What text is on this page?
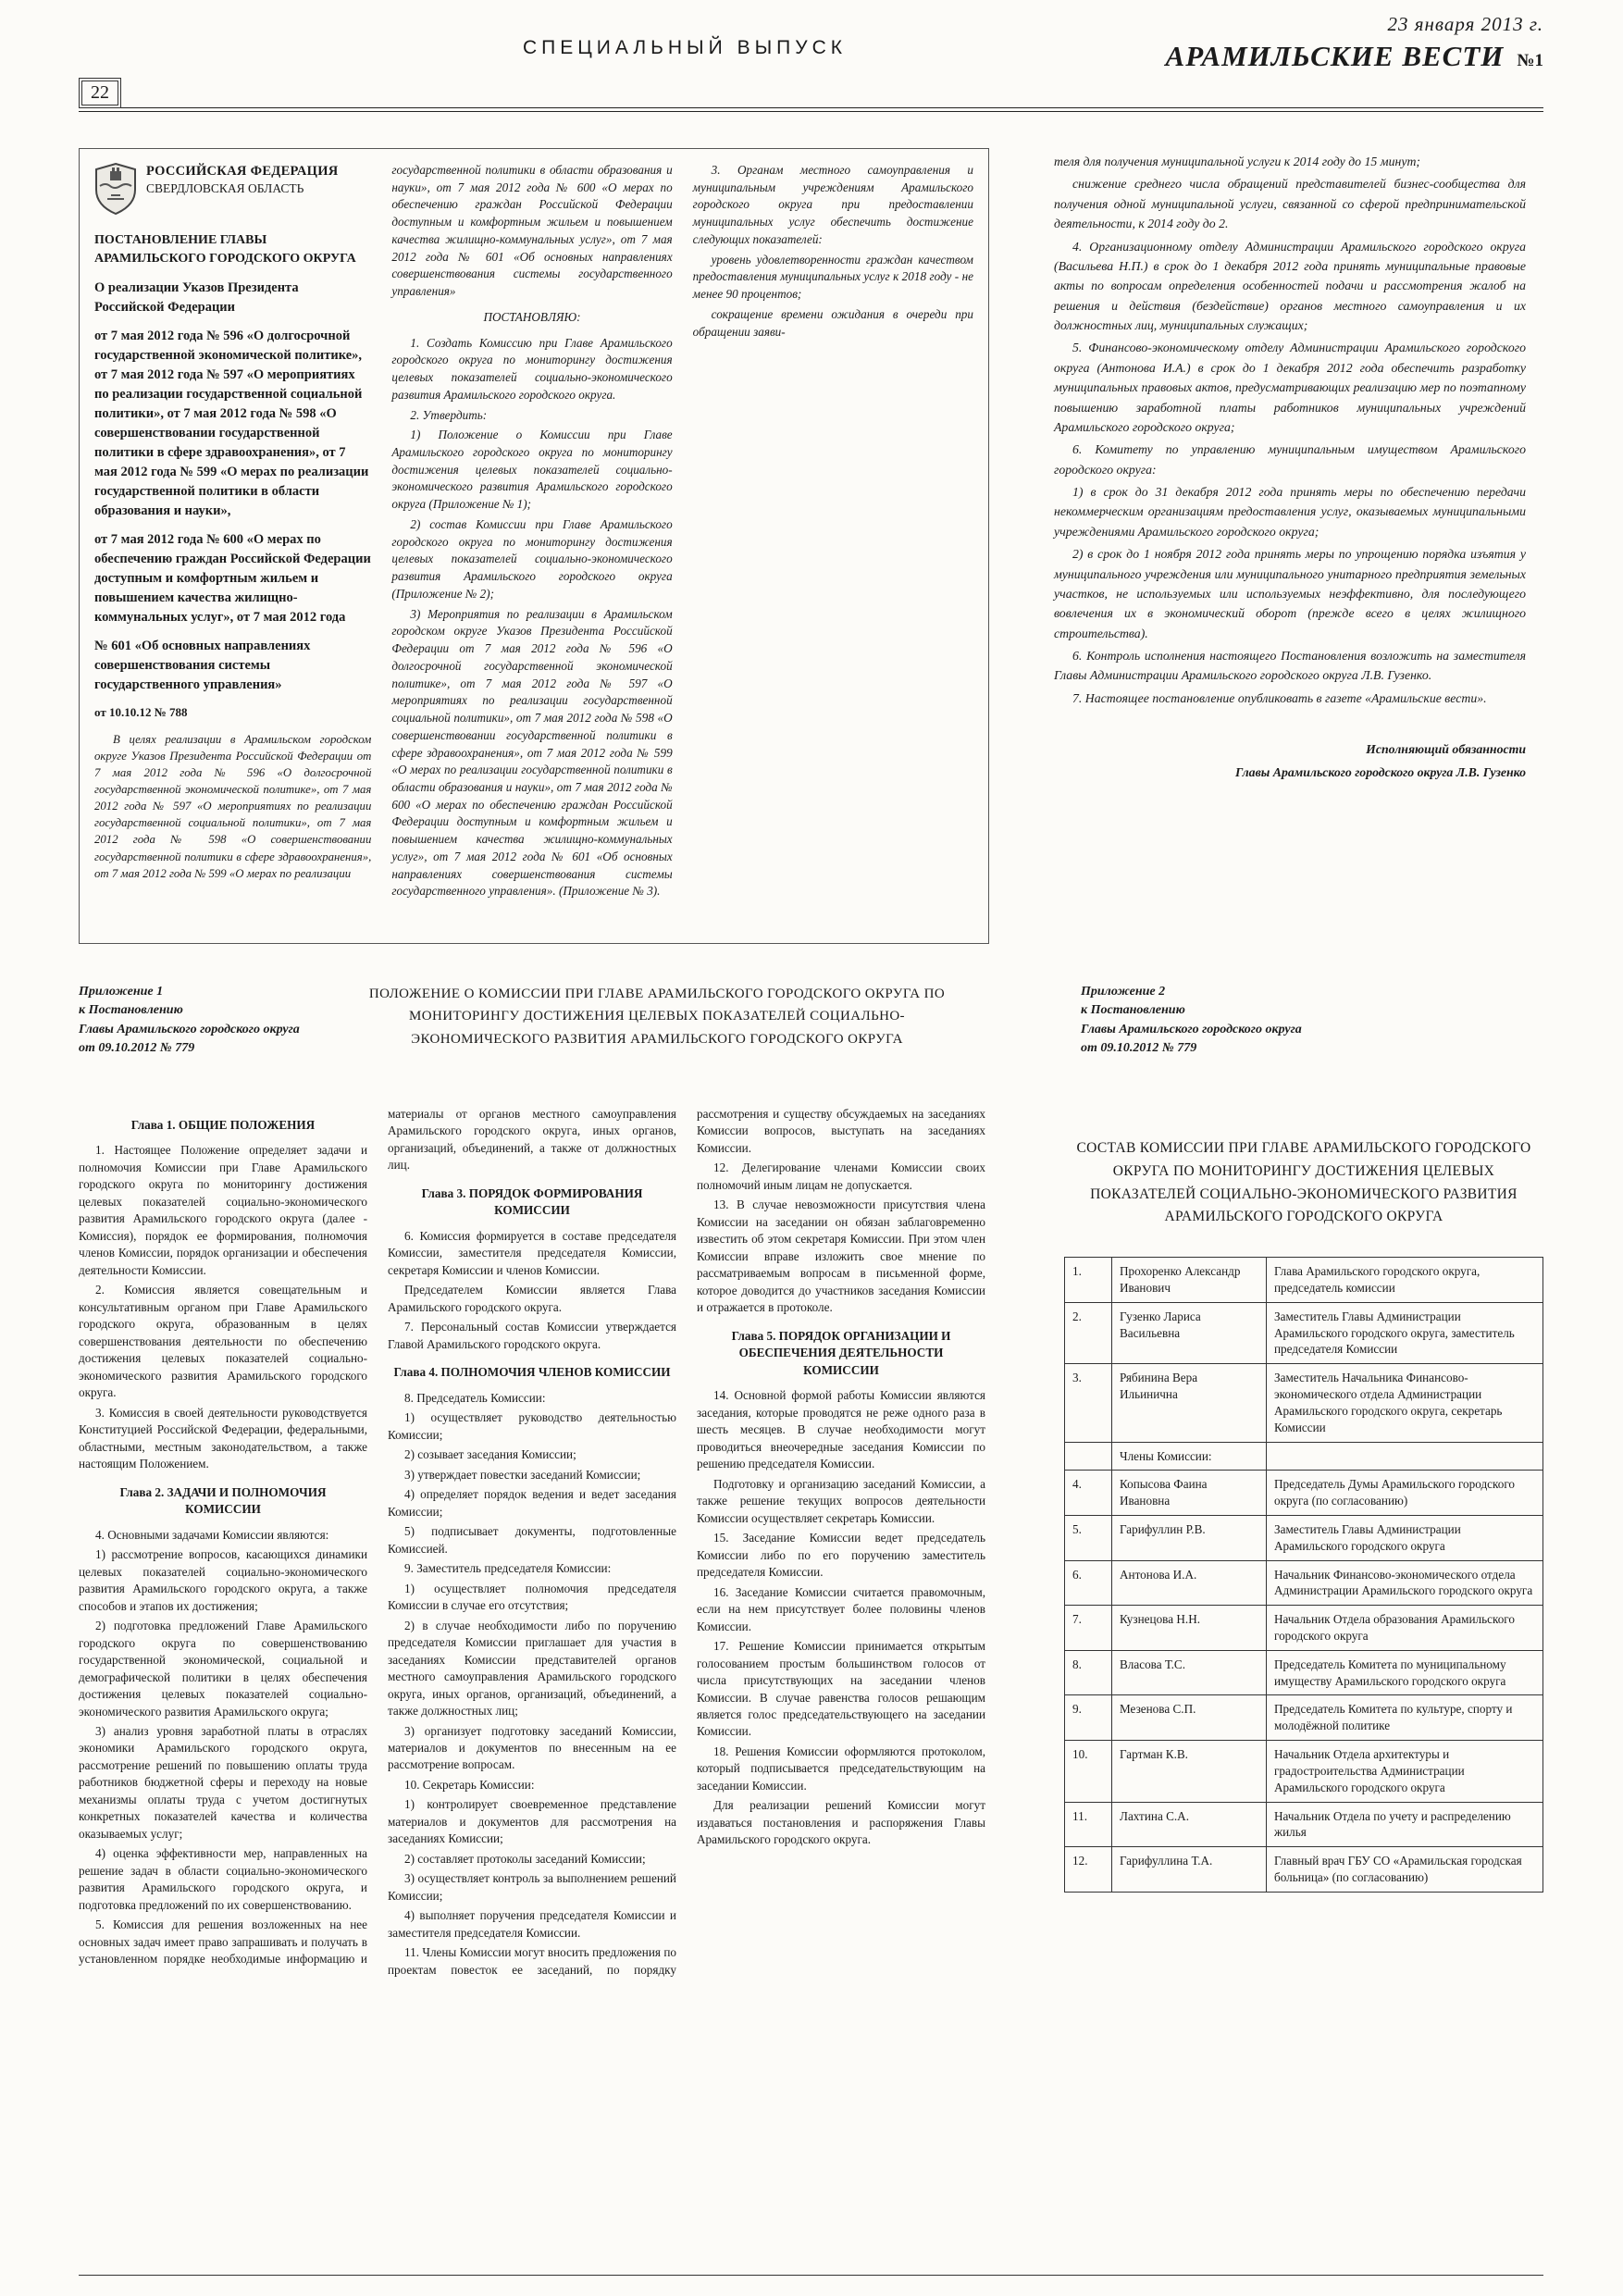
СПЕЦИАЛЬНЫЙ ВЫПУСК
23 января 2013 г.
АРАМИЛЬСКИЕ ВЕСТИ №1
22
РОССИЙСКАЯ ФЕДЕРАЦИЯ
СВЕРДЛОВСКАЯ ОБЛАСТЬ
ПОСТАНОВЛЕНИЕ ГЛАВЫ АРАМИЛЬСКОГО ГОРОДСКОГО ОКРУГА

О реализации Указов Президента Российской Федерации

от 7 мая 2012 года № 596 «О долгосрочной государственной экономической политике», от 7 мая 2012 года № 597 «О мероприятиях по реализации государственной социальной политики», от 7 мая 2012 года № 598 «О совершенствовании государственной политики в сфере здравоохранения», от 7 мая 2012 года № 599 «О мерах по реализации государственной политики в области образования и науки»,

от 7 мая 2012 года № 600 «О мерах по обеспечению граждан Российской Федерации доступным и комфортным жильем и повышением качества жилищно-коммунальных услуг», от 7 мая 2012 года

№ 601 «Об основных направлениях совершенствования системы государственного управления»

от 10.10.12 № 788
В целях реализации в Арамильском городском округе Указов Президента Российской Федерации от 7 мая 2012 года № 596 «О долгосрочной государственной экономической политике», от 7 мая 2012 года № 597 «О мероприятиях по реализации государственной социальной политики», от 7 мая 2012 года № 598 «О совершенствовании государственной политики в сфере здравоохранения», от 7 мая 2012 года № 599 «О мерах по реализации

государственной политики в области образования и науки», от 7 мая 2012 года № 600 «О мерах по обеспечению граждан Российской Федерации доступным и комфортным жильем и повышением качества жилищно-коммунальных услуг», от 7 мая 2012 года № 601 «Об основных направлениях совершенствования системы государственного управления»

ПОСТАНОВЛЯЮ:

1. Создать Комиссию при Главе Арамильского городского округа по мониторингу достижения целевых показателей социально-экономического развития Арамильского городского округа.

2. Утвердить:

1) Положение о Комиссии при Главе Арамильского городского округа по мониторингу достижения целевых показателей социально-экономического развития Арамильского городского округа (Приложение № 1);

2) состав Комиссии при Главе Арамильского городского округа по мониторингу достижения целевых показателей социально-экономического развития Арамильского городского округа (Приложение № 2);

3) Мероприятия по реализации в Арамильском городском округе Указов Президента Российской Федерации от 7 мая 2012 года № 596 «О долгосрочной государственной экономической политике», от 7 мая 2012 года № 597 «О мероприятиях по реализации государственной социальной политики», от 7 мая 2012 года № 598 «О совершенствовании государственной политики в сфере здравоохранения», от 7 мая 2012 года № 599 «О мерах по реализации государственной политики в области образования и науки», от 7 мая 2012 года № 600 «О мерах по обеспечению граждан Российской Федерации доступным и комфортным жильем и повышением качества жилищно-коммунальных услуг», от 7 мая 2012 года № 601 «Об основных направлениях совершенствования системы государственного управления». (Приложение № 3).

3. Органам местного самоуправления и муниципальным учреждениям Арамильского городского округа при предоставлении муниципальных услуг обеспечить достижение следующих показателей:

уровень удовлетворенности граждан качеством предоставления муниципальных услуг к 2018 году - не менее 90 процентов;

сокращение времени ожидания в очереди при обращении заяви-

теля для получения муниципальной услуги к 2014 году до 15 минут;

снижение среднего числа обращений представителей бизнес-сообщества для получения одной муниципальной услуги, связанной со сферой предпринимательской деятельности, к 2014 году до 2.

4. Организационному отделу Администрации Арамильского городского округа (Васильева Н.П.) в срок до 1 декабря 2012 года принять муниципальные правовые акты по вопросам определения особенностей подачи и рассмотрения жалоб на решения и действия (бездействие) органов местного самоуправления и их должностных лиц, муниципальных служащих;

5. Финансово-экономическому отделу Администрации Арамильского городского округа (Антонова И.А.) в срок до 1 декабря 2012 года обеспечить разработку муниципальных правовых актов, предусматривающих реализацию мер по поэтапному повышению заработной платы работников муниципальных учреждений Арамильского городского округа;

6. Комитету по управлению муниципальным имуществом Арамильского городского округа:

1) в срок до 31 декабря 2012 года принять меры по обеспечению передачи некоммерческим организациям предоставления услуг, оказываемых муниципальными учреждениями Арамильского городского округа;

2) в срок до 1 ноября 2012 года принять меры по упрощению порядка изъятия у муниципального учреждения или муниципального унитарного предприятия земельных участков, не используемых или используемых неэффективно, для последующего вовлечения их в экономический оборот (прежде всего в целях жилищного строительства).

6. Контроль исполнения настоящего Постановления возложить на заместителя Главы Администрации Арамильского городского округа Л.В. Гузенко.

7. Настоящее постановление опубликовать в газете «Арамильские вести».

Исполняющий обязанности

Главы Арамильского городского округа Л.В. Гузенко

Приложение 1

к Постановлению

Главы Арамильского городского округа

от 09.10.2012 № 779

ПОЛОЖЕНИЕ О КОМИССИИ ПРИ ГЛАВЕ АРАМИЛЬСКОГО ГОРОДСКОГО ОКРУГА ПО МОНИТОРИНГУ ДОСТИЖЕНИЯ ЦЕЛЕВЫХ ПОКАЗАТЕЛЕЙ СОЦИАЛЬНО-ЭКОНОМИЧЕСКОГО РАЗВИТИЯ АРАМИЛЬСКОГО ГОРОДСКОГО ОКРУГА

Приложение 2

к Постановлению

Главы Арамильского городского округа

от 09.10.2012 № 779

Глава 1. ОБЩИЕ ПОЛОЖЕНИЯ

1. Настоящее Положение определяет задачи и полномочия Комиссии при Главе Арамильского городского округа по мониторингу достижения целевых показателей социально-экономического развития Арамильского городского округа (далее - Комиссия), порядок ее формирования, полномочия членов Комиссии, порядок организации и обеспечения деятельности Комиссии.

2. Комиссия является совещательным и консультативным органом при Главе Арамильского городского округа, образованным в целях совершенствования деятельности по обеспечению достижения целевых показателей социально-экономического развития Арамильского городского округа.

3. Комиссия в своей деятельности руководствуется Конституцией Российской Федерации, федеральными, областными, местным законодательством, а также настоящим Положением.

Глава 2. ЗАДАЧИ И ПОЛНОМОЧИЯ КОМИССИИ

4. Основными задачами Комиссии являются:

1) рассмотрение вопросов, касающихся динамики целевых показателей социально-экономического развития Арамильского городского округа, а также способов и этапов их достижения;

2) подготовка предложений Главе Арамильского городского округа по совершенствованию государственной экономической, социальной и демографической политики в целях обеспечения достижения целевых показателей социально-экономического развития Арамильского округа;

3) анализ уровня заработной платы в отраслях экономики Арамильского городского округа, рассмотрение решений по повышению оплаты труда работников бюджетной сферы и переходу на новые механизмы оплаты труда с учетом достигнутых конкретных показателей качества и количества оказываемых услуг;

4) оценка эффективности мер, направленных на решение задач в области социально-экономического развития Арамильского городского округа, и подготовка предложений по их совершенствованию.

5. Комиссия для решения возложенных на нее основных задач имеет право запрашивать и получать в установленном порядке необходимые информацию и материалы от органов местного самоуправления Арамильского городского округа, иных органов, организаций, объединений, а также от должностных лиц.

Глава 3. ПОРЯДОК ФОРМИРОВАНИЯ КОМИССИИ

6. Комиссия формируется в составе председателя Комиссии, заместителя председателя Комиссии, секретаря Комиссии и членов Комиссии.

Председателем Комиссии является Глава Арамильского городского округа.

7. Персональный состав Комиссии утверждается Главой Арамильского городского округа.

Глава 4. ПОЛНОМОЧИЯ ЧЛЕНОВ КОМИССИИ

8. Председатель Комиссии:

1) осуществляет руководство деятельностью Комиссии;

2) созывает заседания Комиссии;

3) утверждает повестки заседаний Комиссии;

4) определяет порядок ведения и ведет заседания Комиссии;

5) подписывает документы, подготовленные Комиссией.

9. Заместитель председателя Комиссии:

1) осуществляет полномочия председателя Комиссии в случае его отсутствия;

2) в случае необходимости либо по поручению председателя Комиссии приглашает для участия в заседаниях Комиссии представителей органов местного самоуправления Арамильского городского округа, иных органов, организаций, объединений, а также должностных лиц;

3) организует подготовку заседаний Комиссии, материалов и документов по внесенным на ее рассмотрение вопросам.

10. Секретарь Комиссии:

1) контролирует своевременное представление материалов и документов для рассмотрения на заседаниях Комиссии;

2) составляет протоколы заседаний Комиссии;

3) осуществляет контроль за выполнением решений Комиссии;

4) выполняет поручения председателя Комиссии и заместителя председателя Комиссии.

11. Члены Комиссии могут вносить предложения по проектам повесток ее заседаний, по порядку рассмотрения и существу обсуждаемых на заседаниях Комиссии вопросов, выступать на заседаниях Комиссии.

12. Делегирование членами Комиссии своих полномочий иным лицам не допускается.

13. В случае невозможности присутствия члена Комиссии на заседании он обязан заблаговременно известить об этом секретаря Комиссии. При этом член Комиссии вправе изложить свое мнение по рассматриваемым вопросам в письменной форме, которое доводится до участников заседания Комиссии и отражается в протоколе.

Глава 5. ПОРЯДОК ОРГАНИЗАЦИИ И ОБЕСПЕЧЕНИЯ ДЕЯТЕЛЬНОСТИ КОМИССИИ

14. Основной формой работы Комиссии являются заседания, которые проводятся не реже одного раза в шесть месяцев. В случае необходимости могут проводиться внеочередные заседания Комиссии по решению председателя Комиссии.

Подготовку и организацию заседаний Комиссии, а также решение текущих вопросов деятельности Комиссии осуществляет секретарь Комиссии.

15. Заседание Комиссии ведет председатель Комиссии либо по его поручению заместитель председателя Комиссии.

16. Заседание Комиссии считается правомочным, если на нем присутствует более половины членов Комиссии.

17. Решение Комиссии принимается открытым голосованием простым большинством голосов от числа присутствующих на заседании членов Комиссии. В случае равенства голосов решающим является голос председательствующего на заседании Комиссии.

18. Решения Комиссии оформляются протоколом, который подписывается председательствующим на заседании Комиссии.

Для реализации решений Комиссии могут издаваться постановления и распоряжения Главы Арамильского городского округа.

СОСТАВ КОМИССИИ ПРИ ГЛАВЕ АРАМИЛЬСКОГО ГОРОДСКОГО ОКРУГА ПО МОНИТОРИНГУ ДОСТИЖЕНИЯ ЦЕЛЕВЫХ ПОКАЗАТЕЛЕЙ СОЦИАЛЬНО-ЭКОНОМИЧЕСКОГО РАЗВИТИЯ АРАМИЛЬСКОГО ГОРОДСКОГО ОКРУГА
1.	Прохоренко Александр Иванович	Глава Арамильского городского округа, председатель комиссии
2.	Гузенко Лариса Васильевна	Заместитель Главы Администрации Арамильского городского округа, заместитель председателя Комиссии
3.	Рябинина Вера Ильинична	Заместитель Начальника Финансово-экономического отдела Администрации Арамильского городского округа, секретарь Комиссии
	Члены Комиссии:	
4.	Копысова Фаина Ивановна	Председатель Думы Арамильского городского округа (по согласованию)
5.	Гарифуллин Р.В.	Заместитель Главы Администрации Арамильского городского округа
6.	Антонова И.А.	Начальник Финансово-экономического отдела Администрации Арамильского городского округа
7.	Кузнецова Н.Н.	Начальник Отдела образования Арамильского городского округа
8.	Власова Т.С.	Председатель Комитета по муниципальному имуществу Арамильского городского округа
9.	Мезенова С.П.	Председатель Комитета по культуре, спорту и молодёжной политике
10.	Гартман К.В.	Начальник Отдела архитектуры и градостроительства Администрации Арамильского городского округа
11.	Лахтина С.А.	Начальник Отдела по учету и распределению жилья
12.	Гарифуллина Т.А.	Главный врач ГБУ СО «Арамильская городская больница» (по согласованию)
